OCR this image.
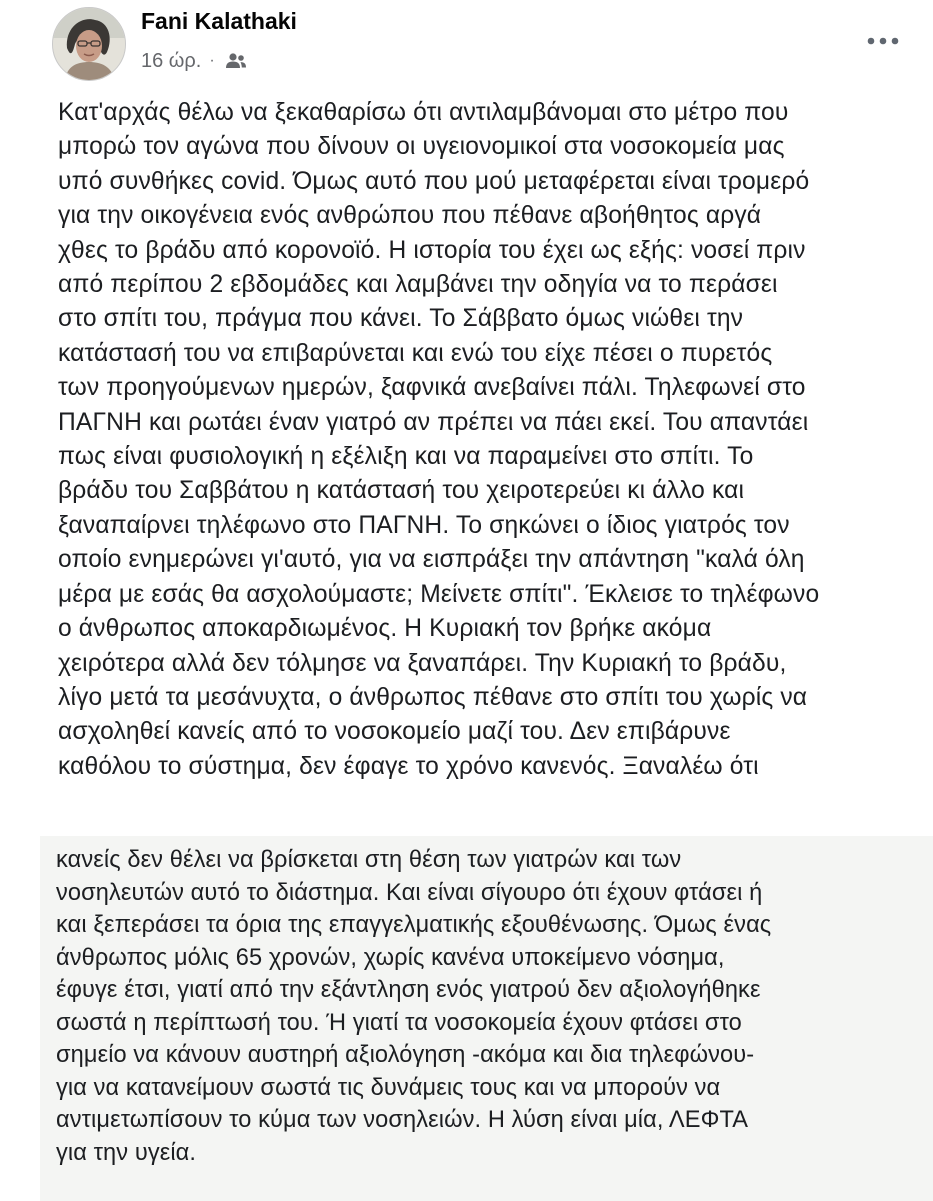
Fani Kalathaki
16 ώρ. ·
Κατ'αρχάς θέλω να ξεκαθαρίσω ότι αντιλαμβάνομαι στο μέτρο που
μπορώ τον αγώνα που δίνουν οι υγειονομικοί στα νοσοκομεία μας
υπό συνθήκες covid. Όμως αυτό που μού μεταφέρεται είναι τρομερό
για την οικογένεια ενός ανθρώπου που πέθανε αβοήθητος αργά
χθες το βράδυ από κορονοϊό. Η ιστορία του έχει ως εξής: νοσεί πριν
από περίπου 2 εβδομάδες και λαμβάνει την οδηγία να το περάσει
στο σπίτι του, πράγμα που κάνει. Το Σάββατο όμως νιώθει την
κατάστασή του να επιβαρύνεται και ενώ του είχε πέσει ο πυρετός
των προηγούμενων ημερών, ξαφνικά ανεβαίνει πάλι. Τηλεφωνεί στο
ΠΑΓΝΗ και ρωτάει έναν γιατρό αν πρέπει να πάει εκεί. Του απαντάει
πως είναι φυσιολογική η εξέλιξη και να παραμείνει στο σπίτι. Το
βράδυ του Σαββάτου η κατάστασή του χειροτερεύει κι άλλο και
ξαναπαίρνει τηλέφωνο στο ΠΑΓΝΗ. Το σηκώνει ο ίδιος γιατρός τον
οποίο ενημερώνει γι'αυτό, για να εισπράξει την απάντηση "καλά όλη
μέρα με εσάς θα ασχολούμαστε; Μείνετε σπίτι". Έκλεισε το τηλέφωνο
ο άνθρωπος αποκαρδιωμένος. Η Κυριακή τον βρήκε ακόμα
χειρότερα αλλά δεν τόλμησε να ξαναπάρει. Την Κυριακή το βράδυ,
λίγο μετά τα μεσάνυχτα, ο άνθρωπος πέθανε στο σπίτι του χωρίς να
ασχοληθεί κανείς από το νοσοκομείο μαζί του. Δεν επιβάρυνε
καθόλου το σύστημα, δεν έφαγε το χρόνο κανενός. Ξαναλέω ότι
κανείς δεν θέλει να βρίσκεται στη θέση των γιατρών και των
νοσηλευτών αυτό το διάστημα. Και είναι σίγουρο ότι έχουν φτάσει ή
και ξεπεράσει τα όρια της επαγγελματικής εξουθένωσης. Όμως ένας
άνθρωπος μόλις 65 χρονών, χωρίς κανένα υποκείμενο νόσημα,
έφυγε έτσι, γιατί από την εξάντληση ενός γιατρού δεν αξιολογήθηκε
σωστά η περίπτωσή του. Ή γιατί τα νοσοκομεία έχουν φτάσει στο
σημείο να κάνουν αυστηρή αξιολόγηση -ακόμα και δια τηλεφώνου-
για να κατανείμουν σωστά τις δυνάμεις τους και να μπορούν να
αντιμετωπίσουν το κύμα των νοσηλειών. Η λύση είναι μία, ΛΕΦΤΑ
για την υγεία.
